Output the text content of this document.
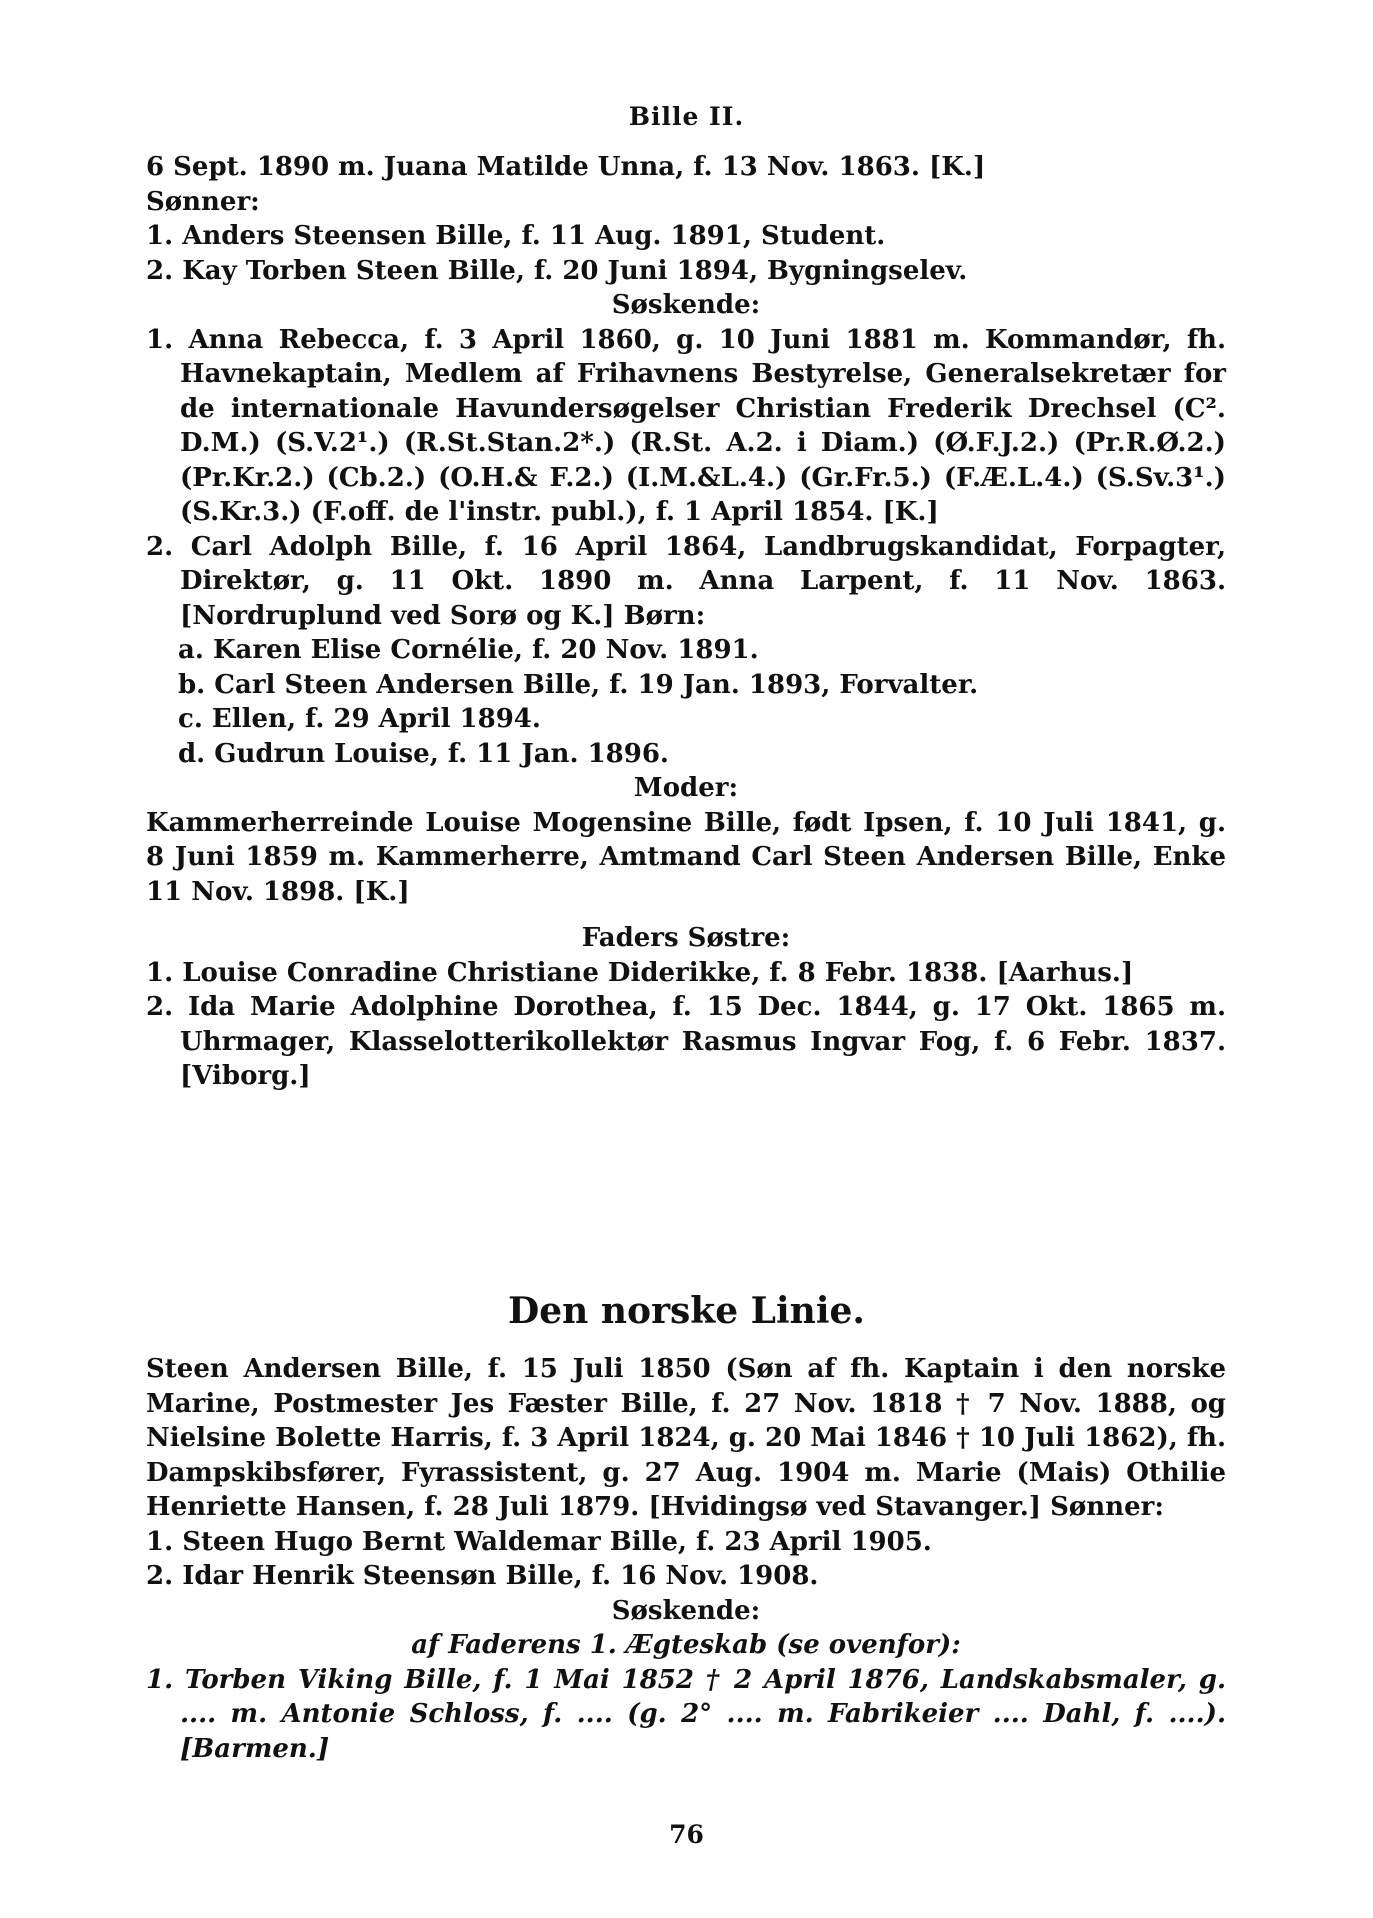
Bille II.

6 Sept. 1890 m. Juana Matilde Unna, f. 13 Nov. 1863. [K.]

Sønner:

1. Anders Steensen Bille, f. 11 Aug. 1891, Student.

2. Kay Torben Steen Bille, f. 20 Juni 1894, Bygningselev.

Søskende:

1. Anna Rebecca, f. 3 April 1860, g. 10 Juni 1881 m. Kommandør, fh. Havnekaptain, Medlem af Frihavnens Bestyrelse, Generalsekretær for de internationale Havundersøgelser Christian Frederik Drechsel (C². D.M.) (S.V.2¹.) (R.St.Stan.2*.) (R.St. A.2. i Diam.) (Ø.F.J.2.) (Pr.R.Ø.2.) (Pr.Kr.2.) (Cb.2.) (O.H.& F.2.) (I.M.&L.4.) (Gr.Fr.5.) (F.Æ.L.4.) (S.Sv.3¹.) (S.Kr.3.) (F.off. de l'instr. publ.), f. 1 April 1854. [K.]

2. Carl Adolph Bille, f. 16 April 1864, Landbrugskandidat, Forpagter, Direktør, g. 11 Okt. 1890 m. Anna Larpent, f. 11 Nov. 1863. [Nordruplund ved Sorø og K.] Børn:

a. Karen Elise Cornélie, f. 20 Nov. 1891.

b. Carl Steen Andersen Bille, f. 19 Jan. 1893, Forvalter.

c. Ellen, f. 29 April 1894.

d. Gudrun Louise, f. 11 Jan. 1896.

Moder:

Kammerherreinde Louise Mogensine Bille, født Ipsen, f. 10 Juli 1841, g. 8 Juni 1859 m. Kammerherre, Amtmand Carl Steen Andersen Bille, Enke 11 Nov. 1898. [K.]

Faders Søstre:

1. Louise Conradine Christiane Diderikke, f. 8 Febr. 1838. [Aarhus.]

2. Ida Marie Adolphine Dorothea, f. 15 Dec. 1844, g. 17 Okt. 1865 m. Uhrmager, Klasselotterikollektør Rasmus Ingvar Fog, f. 6 Febr. 1837. [Viborg.]

Den norske Linie.

Steen Andersen Bille, f. 15 Juli 1850 (Søn af fh. Kaptain i den norske Marine, Postmester Jes Fæster Bille, f. 27 Nov. 1818 † 7 Nov. 1888, og Nielsine Bolette Harris, f. 3 April 1824, g. 20 Mai 1846 † 10 Juli 1862), fh. Dampskibsfører, Fyrassistent, g. 27 Aug. 1904 m. Marie (Mais) Othilie Henriette Hansen, f. 28 Juli 1879. [Hvidingsø ved Stavanger.] Sønner:

1. Steen Hugo Bernt Waldemar Bille, f. 23 April 1905.

2. Idar Henrik Steensøn Bille, f. 16 Nov. 1908.

Søskende:

af Faderens 1. Ægteskab (se ovenfor):

1. Torben Viking Bille, f. 1 Mai 1852 † 2 April 1876, Landskabsmaler, g. .... m. Antonie Schloss, f. .... (g. 2° .... m. Fabrikeier .... Dahl, f. ....). [Barmen.]

76
